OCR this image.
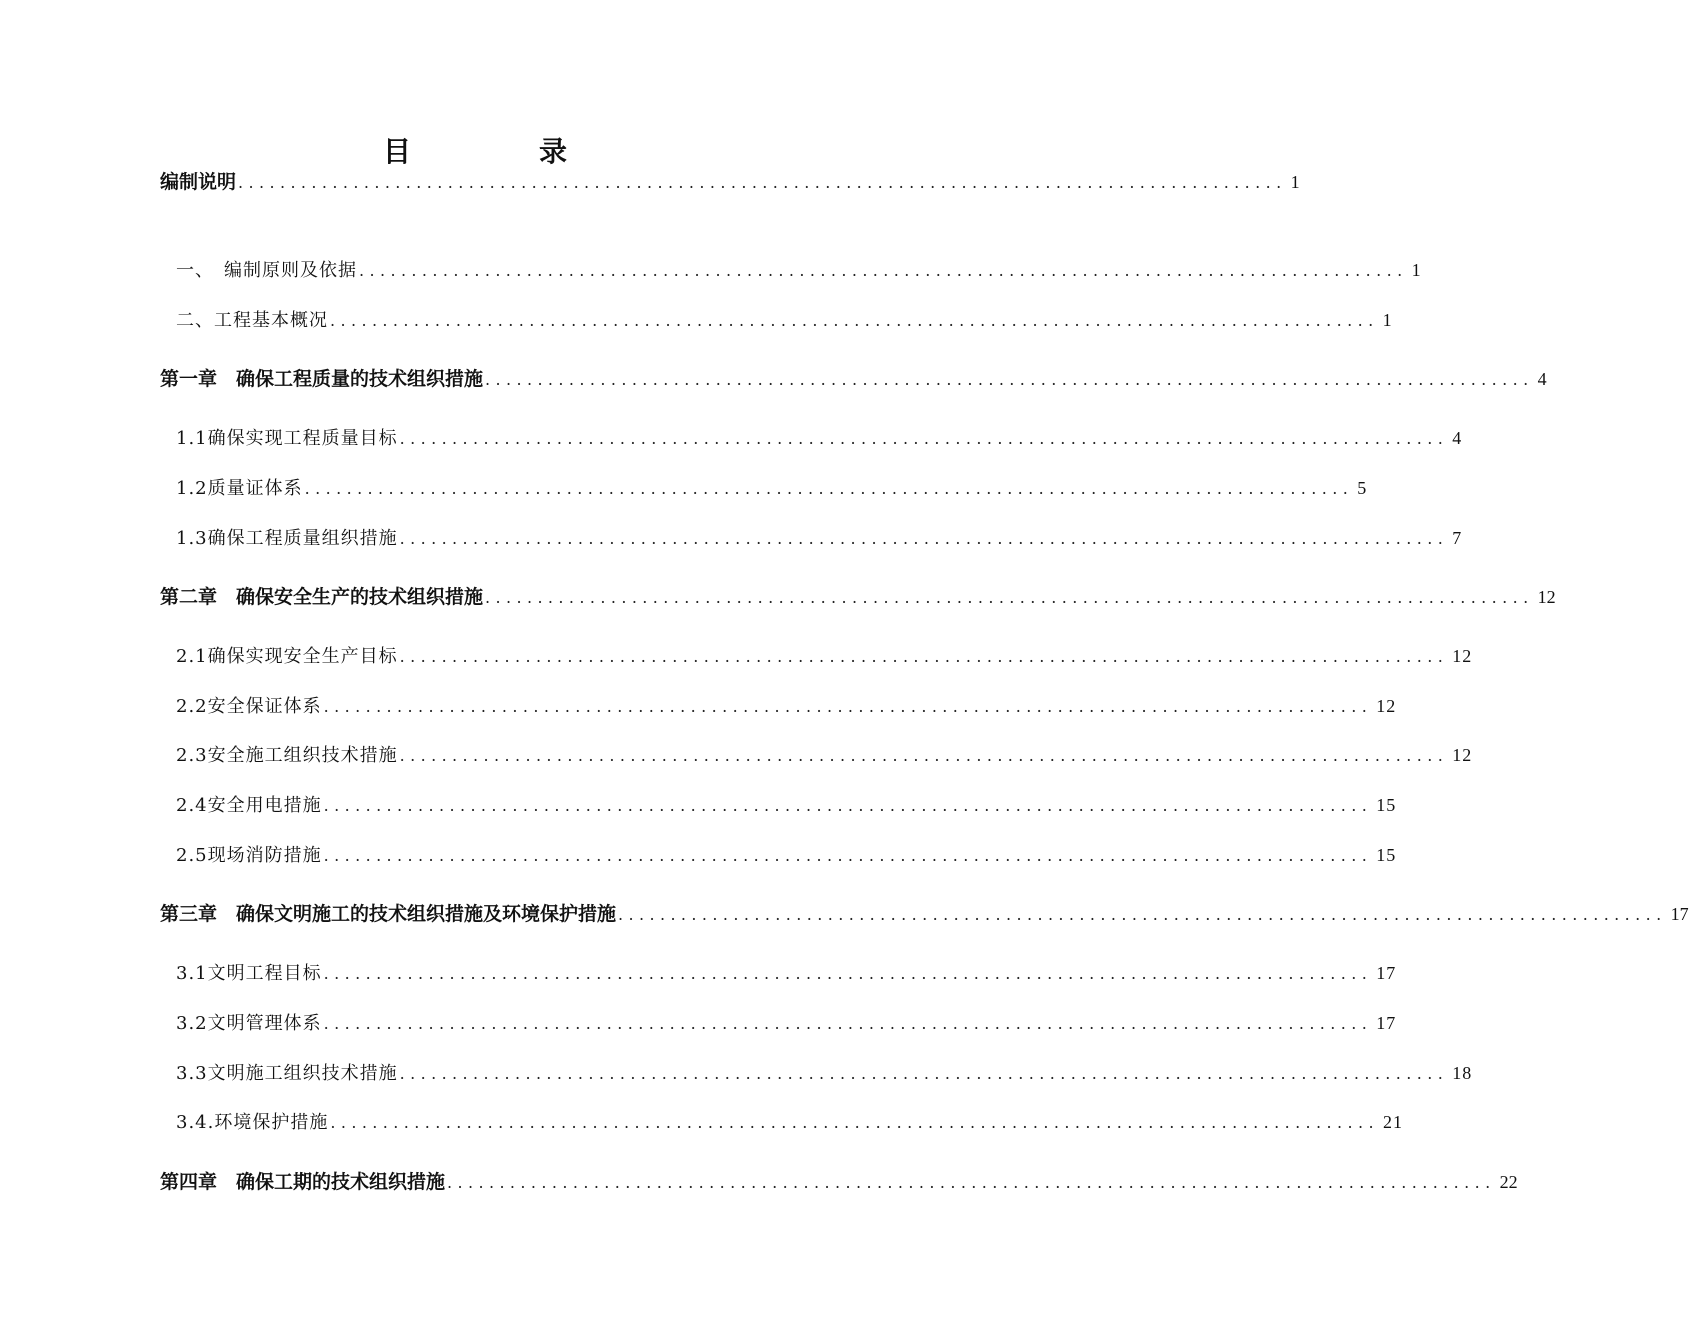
目　录
编制说明 .................................................................................................... 1
一、　编制原则及依据 .................................................................................................... 1
二、工程基本概况 .................................................................................................... 1
第一章　确保工程质量的技术组织措施 .................................................................................................... 4
1.1确保实现工程质量目标 .................................................................................................... 4
1.2质量证体系 .................................................................................................... 5
1.3确保工程质量组织措施 .................................................................................................... 7
第二章　确保安全生产的技术组织措施 .................................................................................................... 12
2.1确保实现安全生产目标 .................................................................................................... 12
2.2安全保证体系 .................................................................................................... 12
2.3安全施工组织技术措施 .................................................................................................... 12
2.4安全用电措施 .................................................................................................... 15
2.5现场消防措施 .................................................................................................... 15
第三章　确保文明施工的技术组织措施及环境保护措施 .................................................................................................... 17
3.1文明工程目标 .................................................................................................... 17
3.2文明管理体系 .................................................................................................... 17
3.3文明施工组织技术措施 .................................................................................................... 18
3.4.环境保护措施 .................................................................................................... 21
第四章　确保工期的技术组织措施 .................................................................................................... 22
